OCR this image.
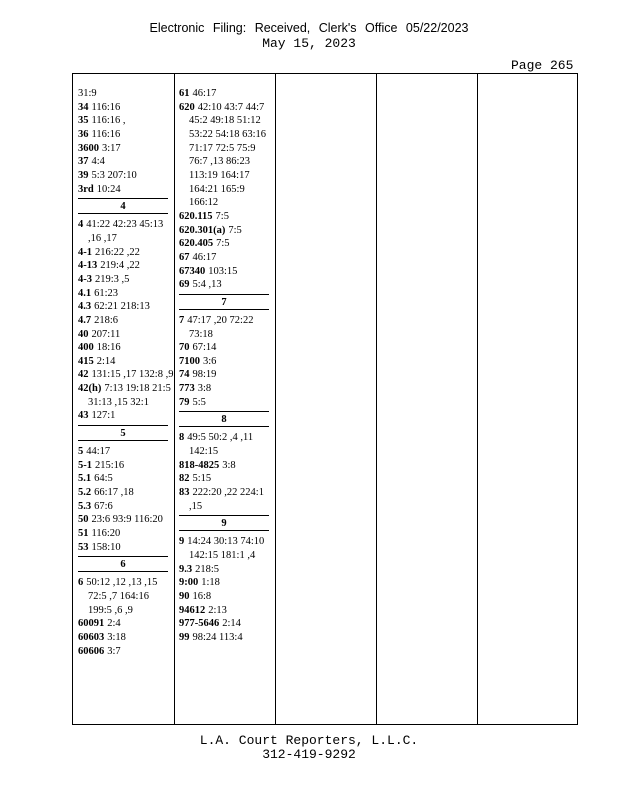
Electronic Filing: Received, Clerk's Office 05/22/2023
May 15, 2023
Page 265
31:9
34 116:16
35 116:16 ,
36 116:16
3600 3:17
37 4:4
39 5:3 207:10
3rd 10:24
4
4 41:22 42:23 45:13 ,16 ,17
4-1 216:22 ,22
4-13 219:4 ,22
4-3 219:3 ,5
4.1 61:23
4.3 62:21 218:13
4.7 218:6
40 207:11
400 18:16
415 2:14
42 131:15 ,17 132:8 ,9
42(h) 7:13 19:18 21:5 31:13 ,15 32:1
43 127:1
5
5 44:17
5-1 215:16
5.1 64:5
5.2 66:17 ,18
5.3 67:6
50 23:6 93:9 116:20
51 116:20
53 158:10
6
6 50:12 ,12 ,13 ,15 72:5 ,7 164:16 199:5 ,6 ,9
60091 2:4
60603 3:18
60606 3:7
61 46:17
620 42:10 43:7 44:7 45:2 49:18 51:12 53:22 54:18 63:16 71:17 72:5 75:9 76:7 ,13 86:23 113:19 164:17 164:21 165:9 166:12
620.115 7:5
620.301(a) 7:5
620.405 7:5
67 46:17
67340 103:15
69 5:4 ,13
7
7 47:17 ,20 72:22 73:18
70 67:14
7100 3:6
74 98:19
773 3:8
79 5:5
8
8 49:5 50:2 ,4 ,11 142:15
818-4825 3:8
82 5:15
83 222:20 ,22 224:1 ,15
9
9 14:24 30:13 74:10 142:15 181:1 ,4
9.3 218:5
9:00 1:18
90 16:8
94612 2:13
977-5646 2:14
99 98:24 113:4
L.A. Court Reporters, L.L.C.
312-419-9292
